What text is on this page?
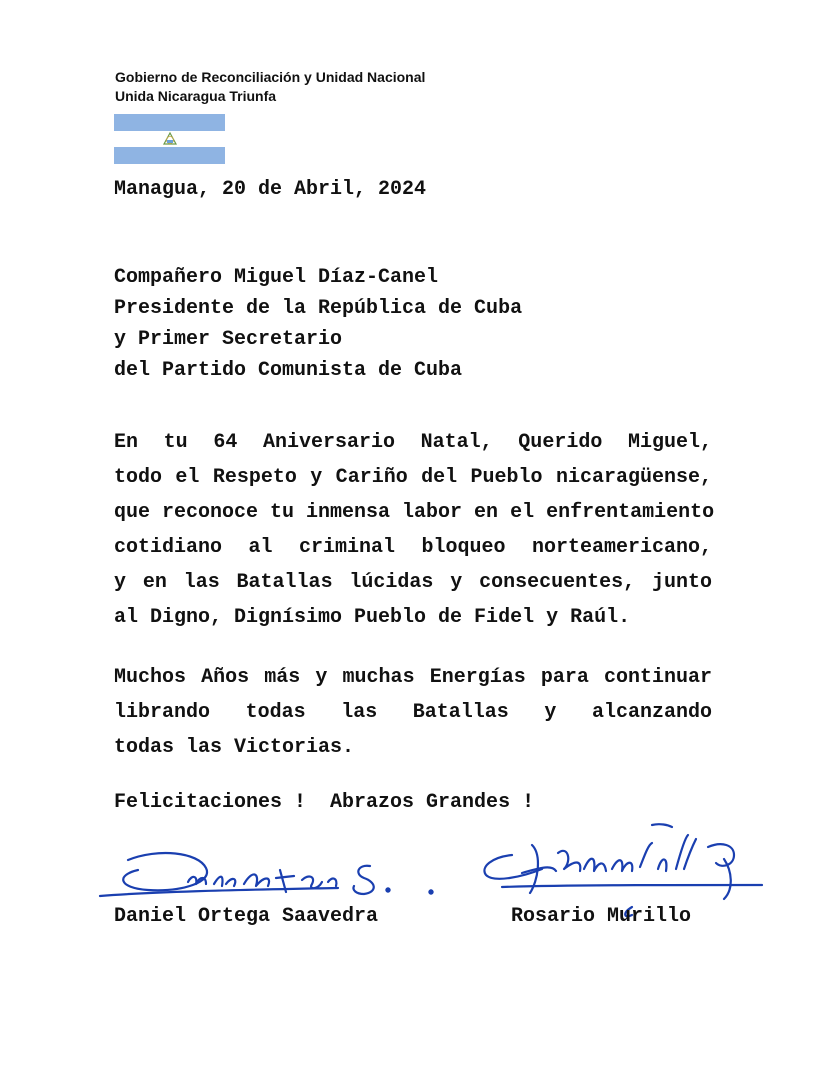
Gobierno de Reconciliación y Unidad Nacional
Unida Nicaragua Triunfa
Managua, 20 de Abril, 2024
Compañero Miguel Díaz-Canel
Presidente de la República de Cuba
y Primer Secretario
del Partido Comunista de Cuba
En tu 64 Aniversario Natal, Querido Miguel,
todo el Respeto y Cariño del Pueblo nicaragüense,
que reconoce tu inmensa labor en el enfrentamiento
cotidiano al criminal bloqueo norteamericano,
y en las Batallas lúcidas y consecuentes, junto
al Digno, Dignísimo Pueblo de Fidel y Raúl.
Muchos Años más y muchas Energías para continuar
librando todas las Batallas y alcanzando
todas las Victorias.
Felicitaciones !  Abrazos Grandes !
Daniel Ortega Saavedra	Rosario Murillo
